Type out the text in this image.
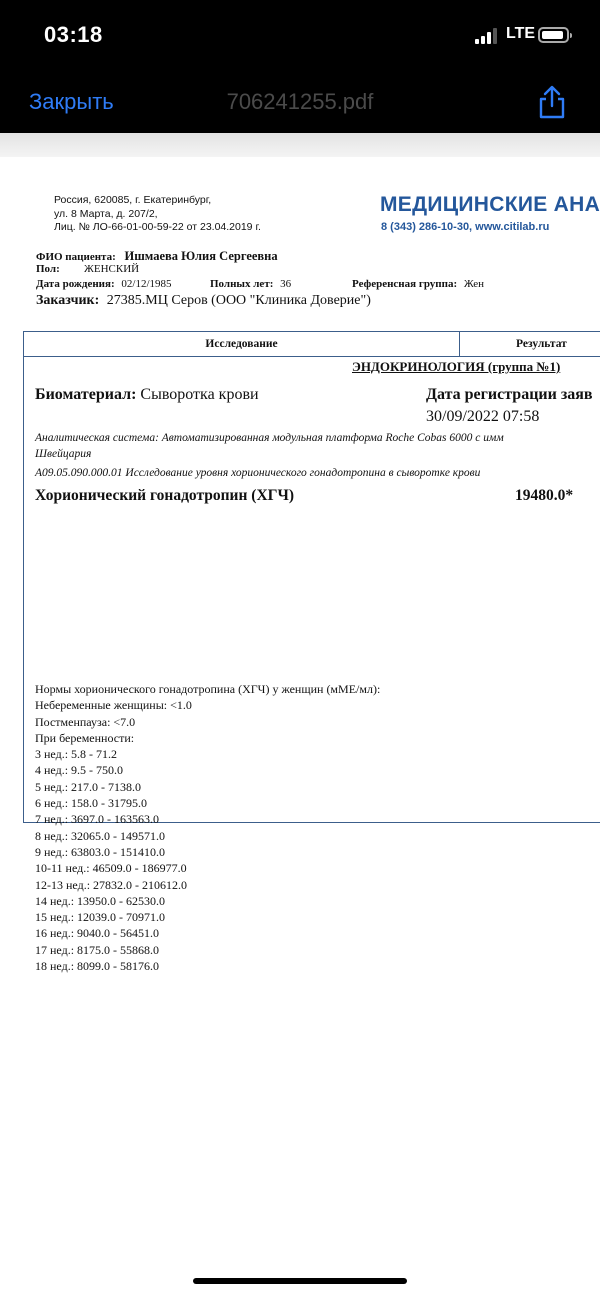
03:18	LTE
Закрыть	706241255.pdf
Россия, 620085, г. Екатеринбург,
ул. 8 Марта, д. 207/2,
Лиц. № ЛО-66-01-00-59-22 от 23.04.2019 г.
МЕДИЦИНСКИЕ АНА
8 (343) 286-10-30, www.citilab.ru
ФИО пациента: Ишмаева Юлия Сергеевна
Пол: ЖЕНСКИЙ
Дата рождения: 02/12/1985	Полных лет: 36	Референсная группа: Жен
Заказчик: 27385.МЦ Серов (ООО "Клиника Доверие")
Исследование	Результат
ЭНДОКРИНОЛОГИЯ (группа №1)
Биоматериал: Сыворотка крови	Дата регистрации заяв
30/09/2022 07:58
Аналитическая система: Автоматизированная модульная платформа Roche Cobas 6000 с имм
Швейцария
A09.05.090.000.01 Исследование уровня хорионического гонадотропина в сыворотке крови
Хорионический гонадотропин (ХГЧ)	19480.0*
Нормы хорионического гонадотропина (ХГЧ) у женщин (мМЕ/мл):
Небеременные женщины: <1.0
Постменпауза: <7.0
При беременности:
3 нед.: 5.8 - 71.2
4 нед.: 9.5 - 750.0
5 нед.: 217.0 - 7138.0
6 нед.: 158.0 - 31795.0
7 нед.: 3697.0 - 163563.0
8 нед.: 32065.0 - 149571.0
9 нед.: 63803.0 - 151410.0
10-11 нед.: 46509.0 - 186977.0
12-13 нед.: 27832.0 - 210612.0
14 нед.: 13950.0 - 62530.0
15 нед.: 12039.0 - 70971.0
16 нед.: 9040.0 - 56451.0
17 нед.: 8175.0 - 55868.0
18 нед.: 8099.0 - 58176.0
